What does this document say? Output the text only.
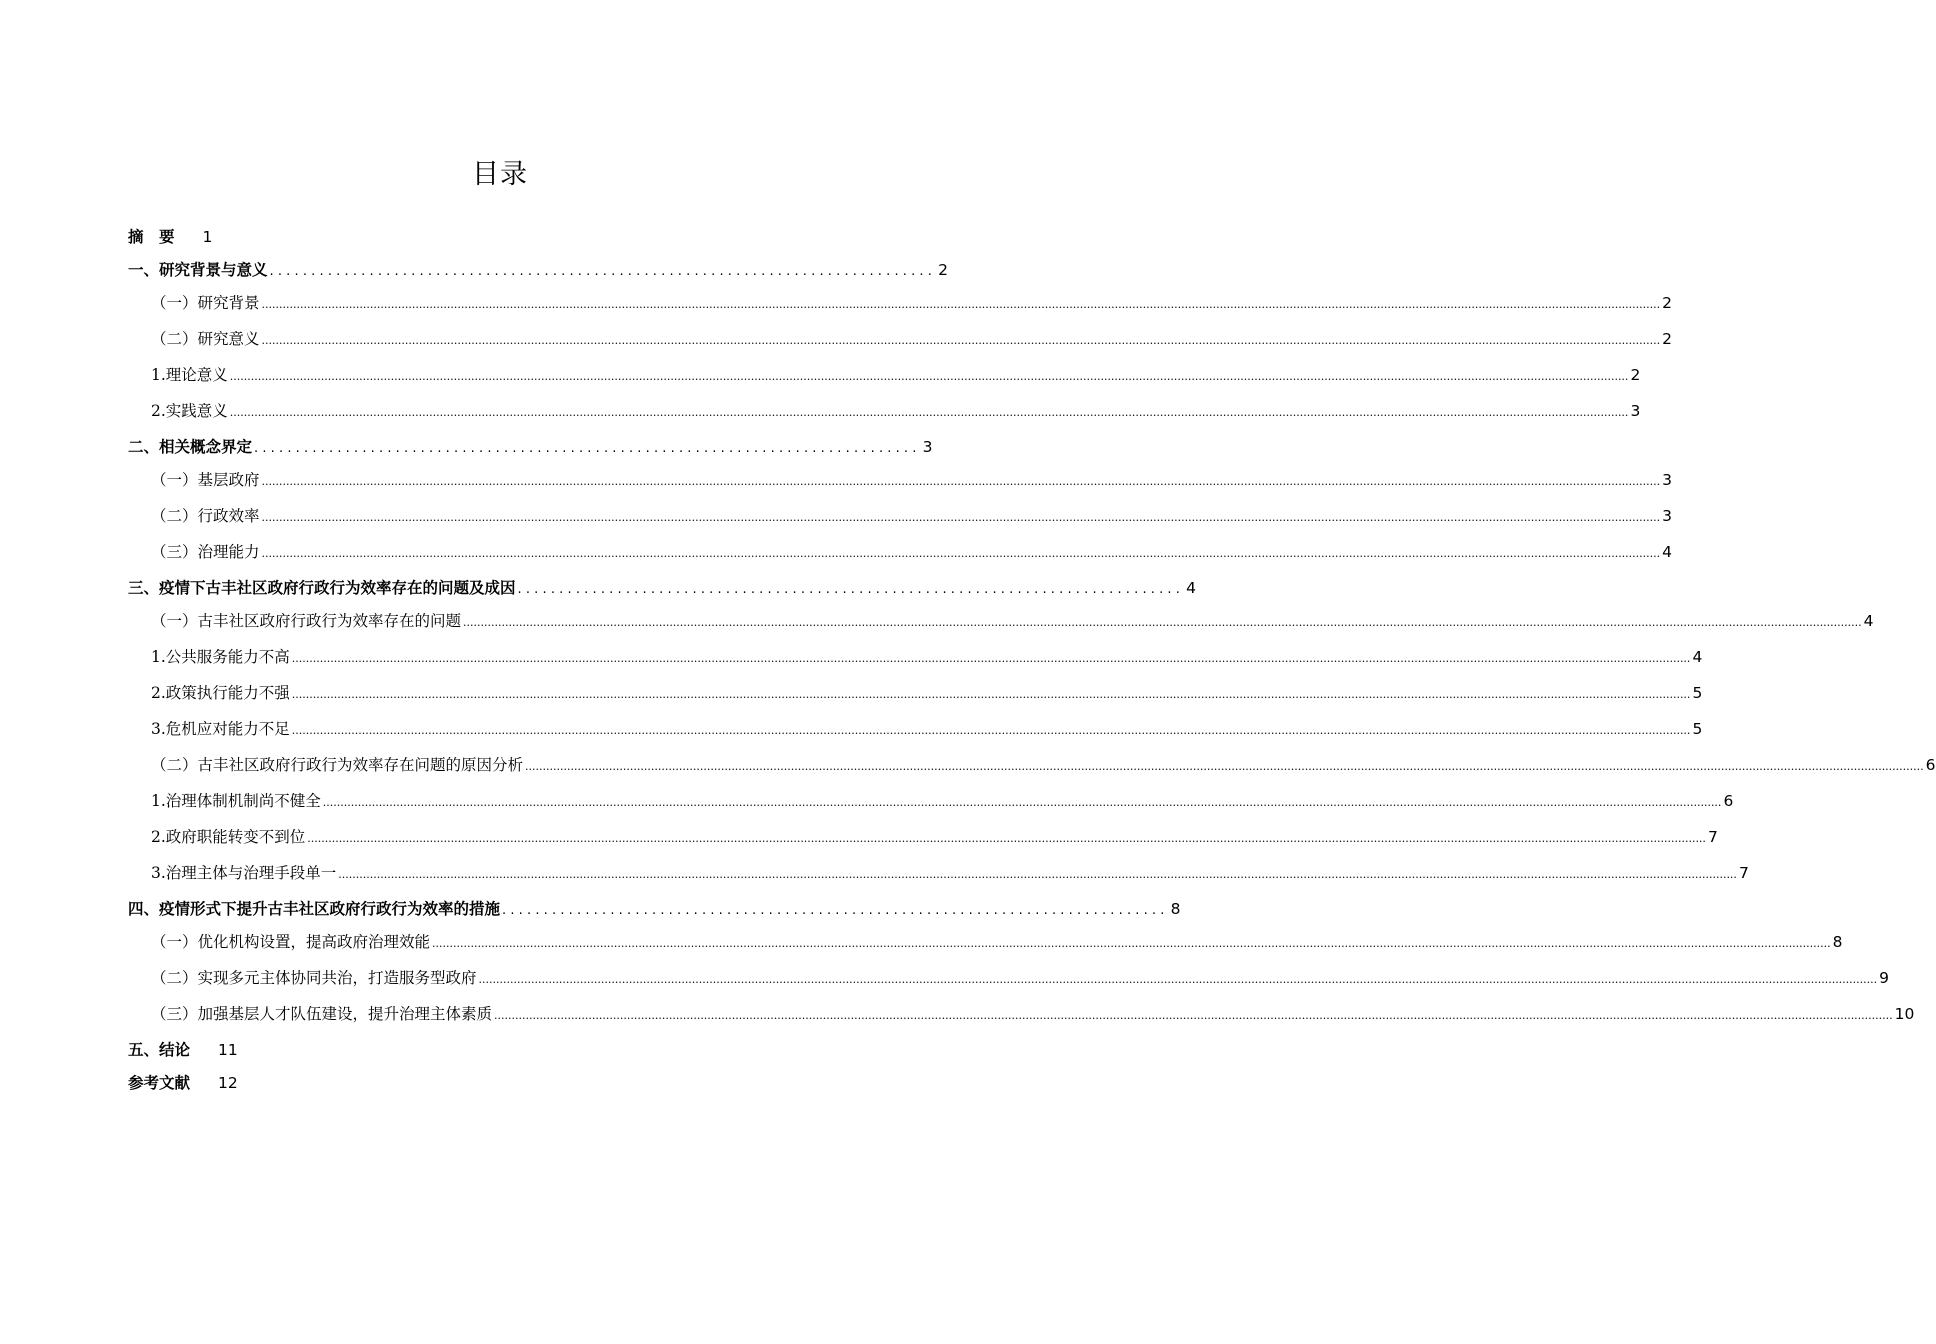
目录
摘　要 1
一、研究背景与意义 ................................................................................ 2
（一）研究背景 ................................................................................................................................................................................................................................................................................................................................................................................................................ 2
（二）研究意义 ................................................................................................................................................................................................................................................................................................................................................................................................................ 2
1.理论意义 ................................................................................................................................................................................................................................................................................................................................................................................................................ 2
2.实践意义 ................................................................................................................................................................................................................................................................................................................................................................................................................ 3
二、相关概念界定 ................................................................................ 3
（一）基层政府 ................................................................................................................................................................................................................................................................................................................................................................................................................ 3
（二）行政效率 ................................................................................................................................................................................................................................................................................................................................................................................................................ 3
（三）治理能力 ................................................................................................................................................................................................................................................................................................................................................................................................................ 4
三、疫情下古丰社区政府行政行为效率存在的问题及成因 ................................................................................ 4
（一）古丰社区政府行政行为效率存在的问题 ................................................................................................................................................................................................................................................................................................................................................................................................................ 4
1.公共服务能力不高 ................................................................................................................................................................................................................................................................................................................................................................................................................ 4
2.政策执行能力不强 ................................................................................................................................................................................................................................................................................................................................................................................................................ 5
3.危机应对能力不足 ................................................................................................................................................................................................................................................................................................................................................................................................................ 5
（二）古丰社区政府行政行为效率存在问题的原因分析 ................................................................................................................................................................................................................................................................................................................................................................................................................ 6
1.治理体制机制尚不健全 ................................................................................................................................................................................................................................................................................................................................................................................................................ 6
2.政府职能转变不到位 ................................................................................................................................................................................................................................................................................................................................................................................................................ 7
3.治理主体与治理手段单一 ................................................................................................................................................................................................................................................................................................................................................................................................................ 7
四、疫情形式下提升古丰社区政府行政行为效率的措施 ................................................................................ 8
（一）优化机构设置，提高政府治理效能 ................................................................................................................................................................................................................................................................................................................................................................................................................ 8
（二）实现多元主体协同共治，打造服务型政府 ................................................................................................................................................................................................................................................................................................................................................................................................................ 9
（三）加强基层人才队伍建设，提升治理主体素质 ................................................................................................................................................................................................................................................................................................................................................................................................................ 10
五、结论 11
参考文献 12
